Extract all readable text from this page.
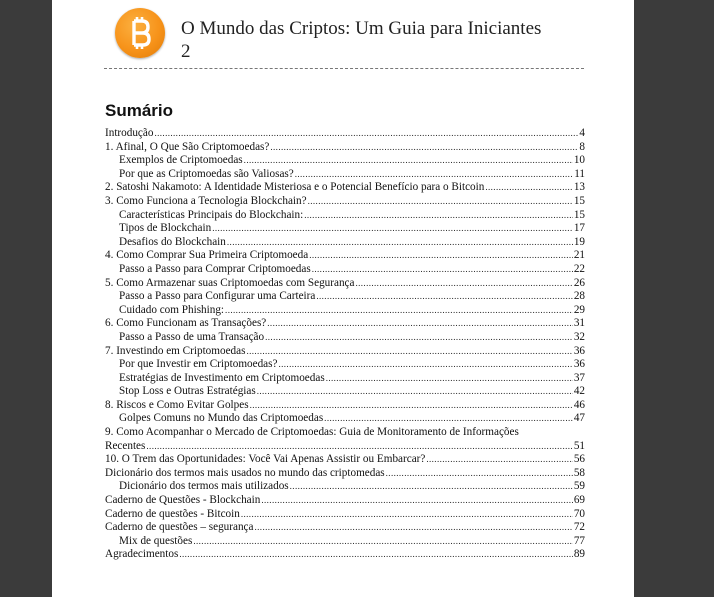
O Mundo das Criptos: Um Guia para Iniciantes
2
Sumário
Introdução .....	4
1. Afinal, O Que São Criptomoedas? .....	8
Exemplos de Criptomoedas .....	10
Por que as Criptomoedas são Valiosas? .....	11
2. Satoshi Nakamoto: A Identidade Misteriosa e o Potencial Benefício para o Bitcoin .....	13
3. Como Funciona a Tecnologia Blockchain? .....	15
Características Principais do Blockchain: .....	15
Tipos de Blockchain .....	17
Desafios do Blockchain .....	19
4. Como Comprar Sua Primeira Criptomoeda .....	21
Passo a Passo para Comprar Criptomoedas .....	22
5. Como Armazenar suas Criptomoedas com Segurança .....	26
Passo a Passo para Configurar uma Carteira .....	28
Cuidado com Phishing: .....	29
6. Como Funcionam as Transações? .....	31
Passo a Passo de uma Transação .....	32
7. Investindo em Criptomoedas .....	36
Por que Investir em Criptomoedas? .....	36
Estratégias de Investimento em Criptomoedas .....	37
Stop Loss e Outras Estratégias .....	42
8. Riscos e Como Evitar Golpes .....	46
Golpes Comuns no Mundo das Criptomoedas .....	47
9. Como Acompanhar o Mercado de Criptomoedas: Guia de Monitoramento de Informações
Recentes .....	51
10. O Trem das Oportunidades: Você Vai Apenas Assistir ou Embarcar? .....	56
Dicionário dos termos mais usados no mundo das criptomedas .....	58
Dicionário dos termos mais utilizados .....	59
Caderno de Questões - Blockchain .....	69
Caderno de questões - Bitcoin .....	70
Caderno de questões – segurança .....	72
Mix de questões .....	77
Agradecimentos .....	89
